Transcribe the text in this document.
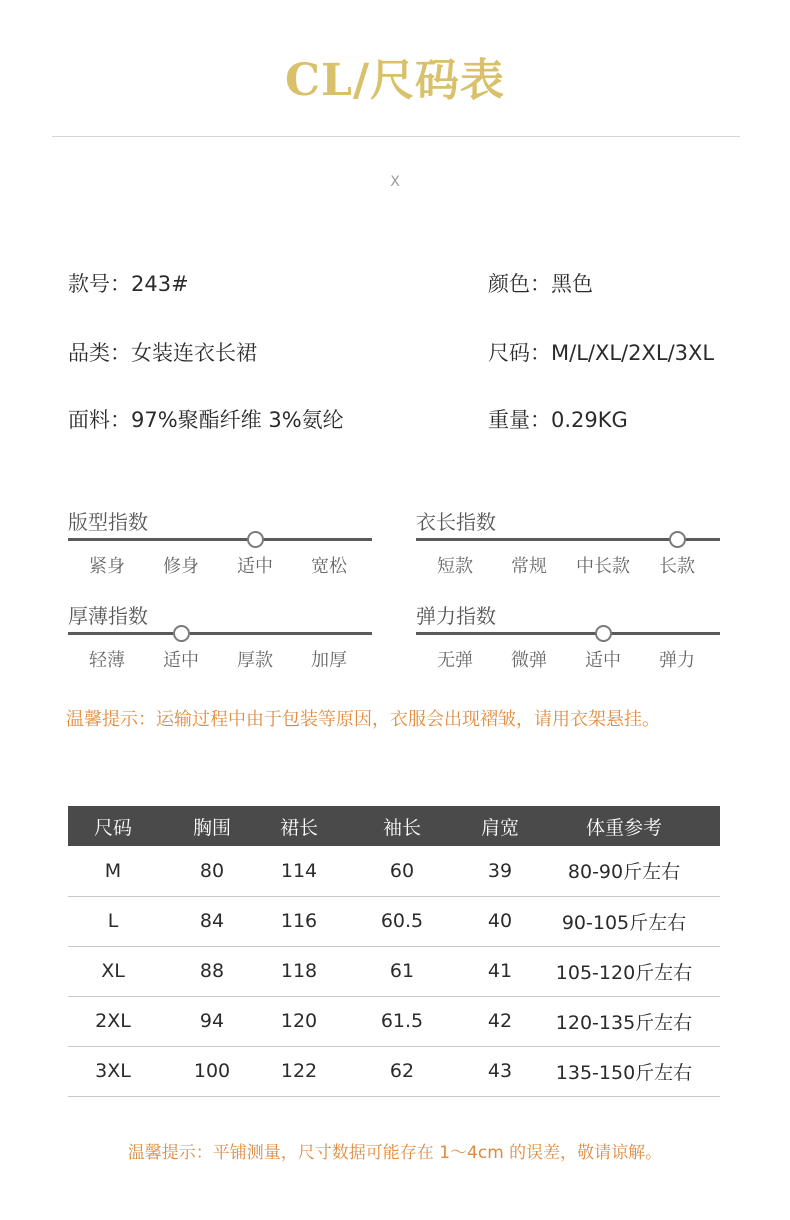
CL/尺码表
X
款号：243#	颜色：黑色
品类：女装连衣长裙	尺码：M/L/XL/2XL/3XL
面料：97%聚酯纤维 3%氨纶	重量：0.29KG
版型指数
紧身	修身	适中	宽松
衣长指数
短款	常规	中长款	长款
厚薄指数
轻薄	适中	厚款	加厚
弹力指数
无弹	微弹	适中	弹力
温馨提示：运输过程中由于包装等原因，衣服会出现褶皱，请用衣架悬挂。
尺码	胸围	裙长	袖长	肩宽	体重参考
M	80	114	60	39	80-90斤左右
L	84	116	60.5	40	90-105斤左右
XL	88	118	61	41	105-120斤左右
2XL	94	120	61.5	42	120-135斤左右
3XL	100	122	62	43	135-150斤左右
温馨提示：平铺测量，尺寸数据可能存在 1～4cm 的误差，敬请谅解。
